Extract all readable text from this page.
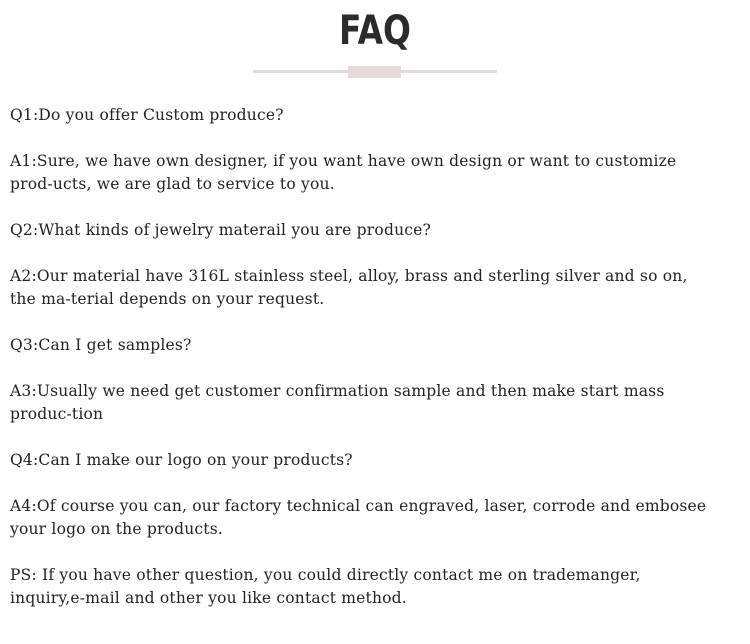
FAQ

Q1:Do you offer Custom produce?

A1:Sure, we have own designer, if you want have own design or want to customize prod-ucts, we are glad to service to you.

Q2:What kinds of jewelry materail you are produce?

A2:Our material have 316L stainless steel, alloy, brass and sterling silver and so on, the ma-terial depends on your request.

Q3:Can I get samples?

A3:Usually we need get customer confirmation sample and then make start mass produc-tion

Q4:Can I make our logo on your products?

A4:Of course you can, our factory technical can engraved, laser, corrode and embosee your logo on the products.

PS: If you have other question, you could directly contact me on trademanger, inquiry,e-mail and other you like contact method.
